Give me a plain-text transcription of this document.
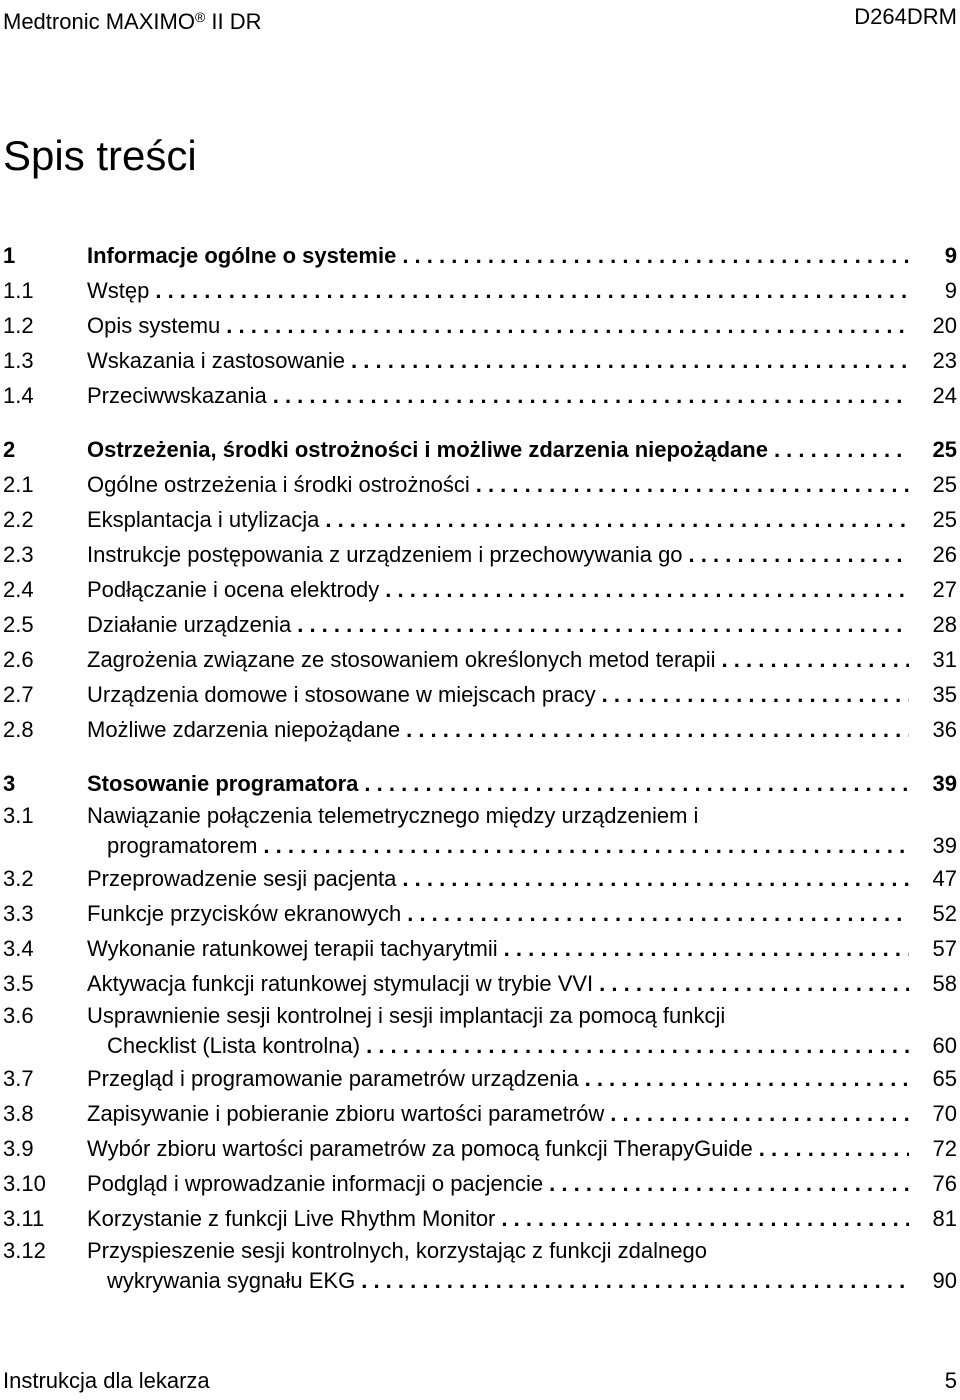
Medtronic MAXIMO® II DR	D264DRM
Spis treści
1	Informacje ogólne o systemie . . .	9
1.1 Wstęp . . .	9
1.2 Opis systemu . . .	20
1.3 Wskazania i zastosowanie . . .	23
1.4 Przeciwwskazania . . .	24
2	Ostrzeżenia, środki ostrożności i możliwe zdarzenia niepożądane . . .	25
2.1 Ogólne ostrzeżenia i środki ostrożności . . .	25
2.2 Eksplantacja i utylizacja . . .	25
2.3 Instrukcje postępowania z urządzeniem i przechowywania go . . .	26
2.4 Podłączanie i ocena elektrody . . .	27
2.5 Działanie urządzenia . . .	28
2.6 Zagrożenia związane ze stosowaniem określonych metod terapii . . .	31
2.7 Urządzenia domowe i stosowane w miejscach pracy . . .	35
2.8 Możliwe zdarzenia niepożądane . . .	36
3	Stosowanie programatora . . .	39
3.1 Nawiązanie połączenia telemetrycznego między urządzeniem i
programatorem . . .	39
3.2 Przeprowadzenie sesji pacjenta . . .	47
3.3 Funkcje przycisków ekranowych . . .	52
3.4 Wykonanie ratunkowej terapii tachyarytmii . . .	57
3.5 Aktywacja funkcji ratunkowej stymulacji w trybie VVI . . .	58
3.6 Usprawnienie sesji kontrolnej i sesji implantacji za pomocą funkcji
Checklist (Lista kontrolna) . . .	60
3.7 Przegląd i programowanie parametrów urządzenia . . .	65
3.8 Zapisywanie i pobieranie zbioru wartości parametrów . . .	70
3.9 Wybór zbioru wartości parametrów za pomocą funkcji TherapyGuide . . .	72
3.10 Podgląd i wprowadzanie informacji o pacjencie . . .	76
3.11 Korzystanie z funkcji Live Rhythm Monitor . . .	81
3.12 Przyspieszenie sesji kontrolnych, korzystając z funkcji zdalnego
wykrywania sygnału EKG . . .	90
Instrukcja dla lekarza	5
